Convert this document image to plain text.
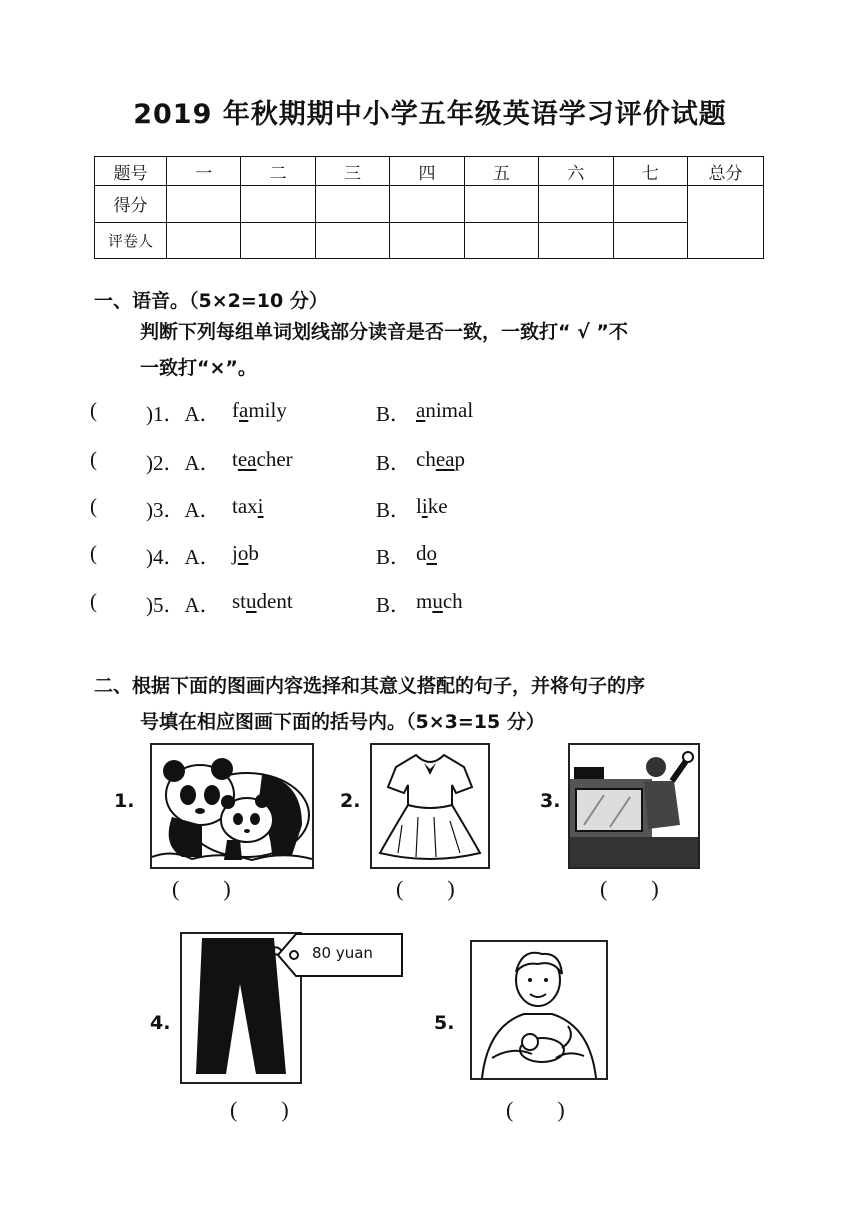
2019 年秋期期中小学五年级英语学习评价试题
题号	一	二	三	四	五	六	七	总分
得分								
评卷人								
一、语音。（5×2=10 分）
判断下列每组单词划线部分读音是否一致，一致打“ √ ”不
一致打“×”。
( )1．A． family	B． animal
( )2．A． teacher	B． cheap
( )3．A． taxi	B． like
( )4．A． job	B． do
( )5．A． student	B． much
二、根据下面的图画内容选择和其意义搭配的句子，并将句子的序
号填在相应图画下面的括号内。（5×3=15 分）
1.
(        )
2.
(        )
3.
(        )
4.
80 yuan
(        )
5.
(        )
